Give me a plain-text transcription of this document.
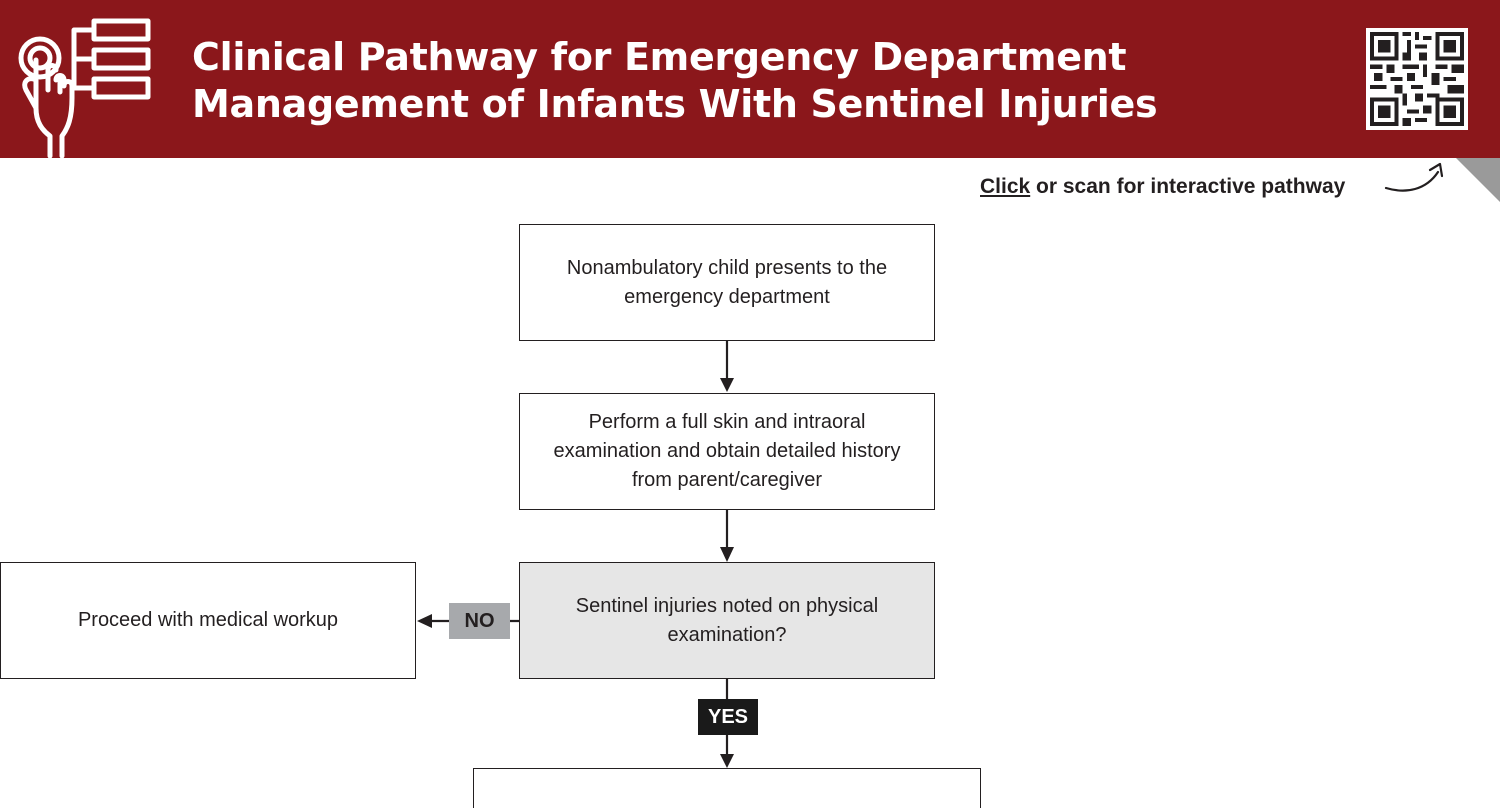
Clinical Pathway for Emergency Department
Management of Infants With Sentinel Injuries
Click or scan for interactive pathway
Nonambulatory child presents to the emergency department
Perform a full skin and intraoral examination and obtain detailed history from parent/caregiver
Sentinel injuries noted on physical examination?
Proceed with medical workup	NO
YES
